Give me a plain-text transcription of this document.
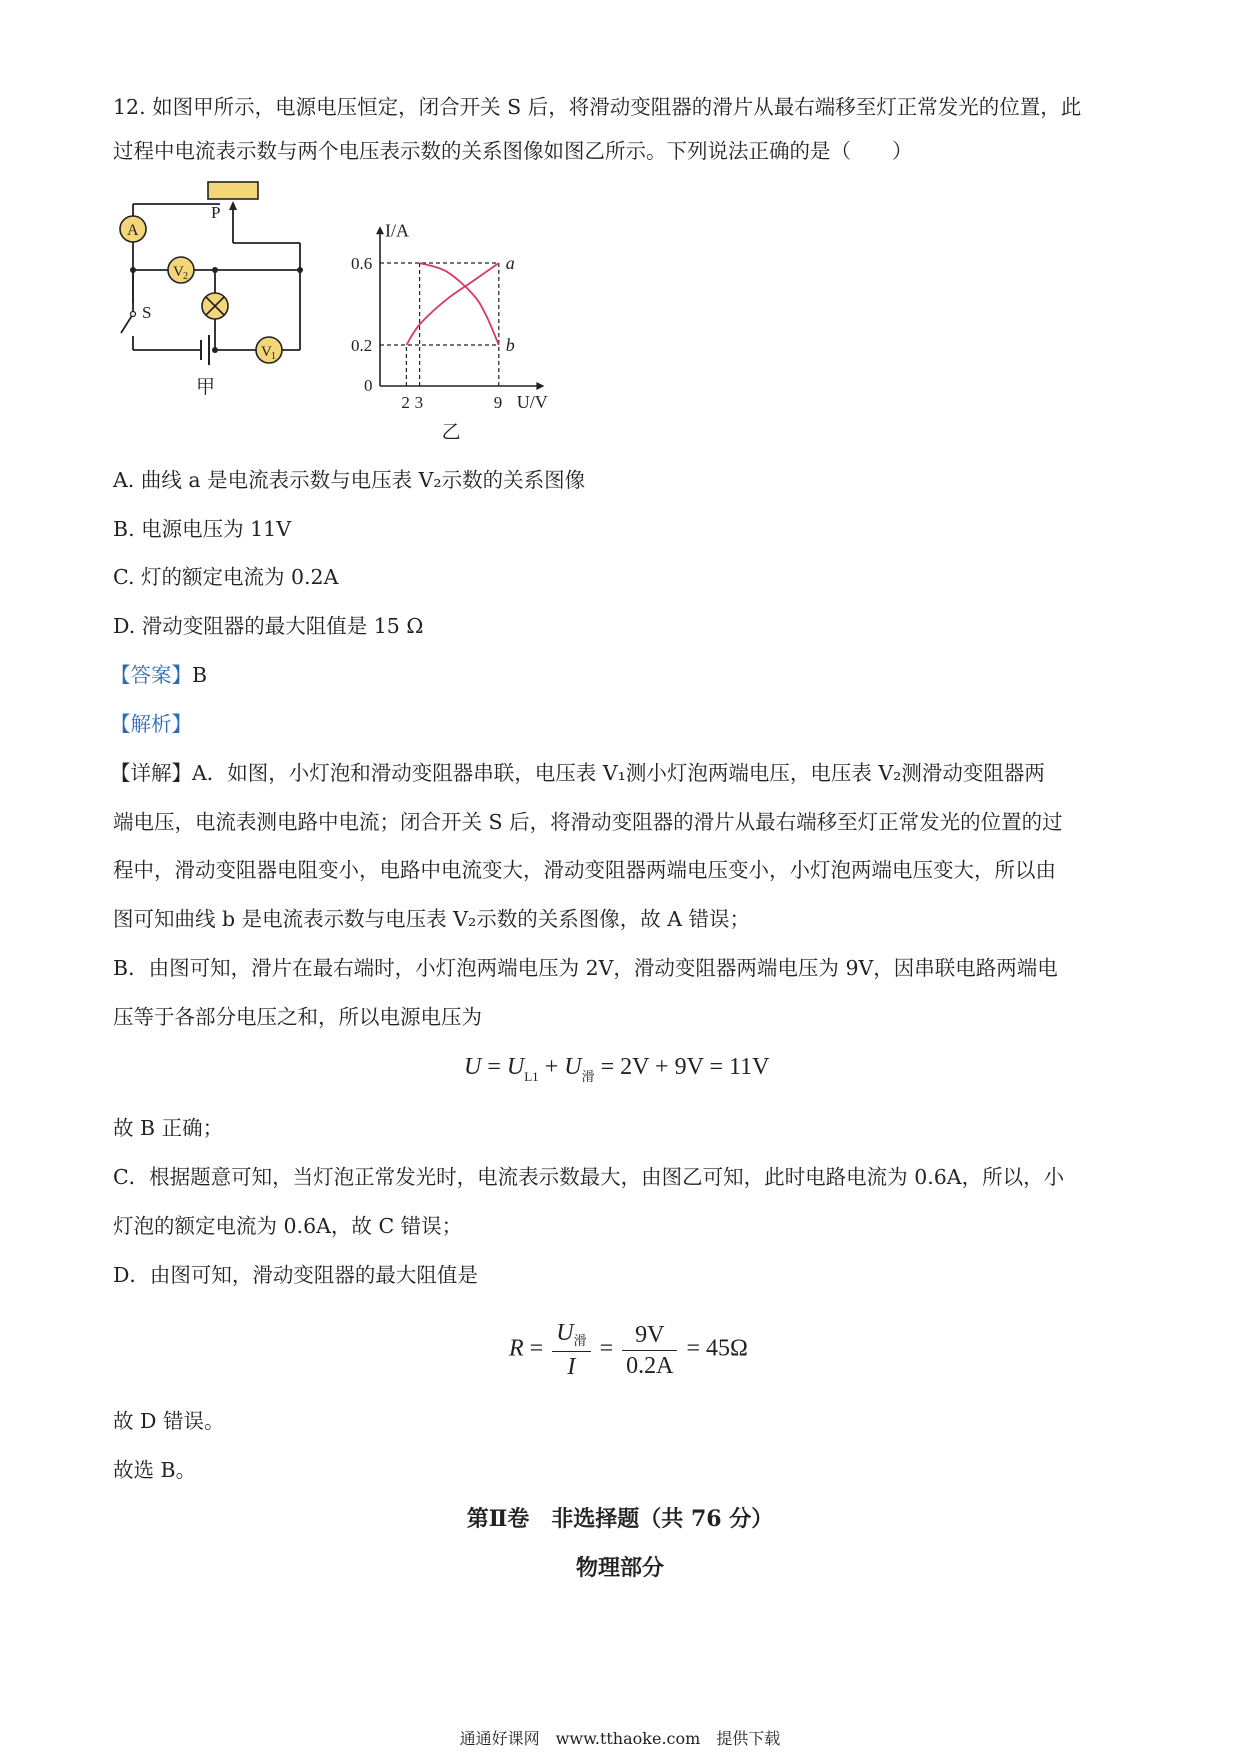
12. 如图甲所示，电源电压恒定，闭合开关 S 后，将滑动变阻器的滑片从最右端移至灯正常发光的位置，此
过程中电流表示数与两个电压表示数的关系图像如图乙所示。下列说法正确的是（　　）
P
S
A
V 2
V 1
甲
a
b
2 3	9
0.6
0.2
0
I/A
U/V
乙
A. 曲线 a 是电流表示数与电压表 V₂示数的关系图像
B. 电源电压为 11V
C. 灯的额定电流为 0.2A
D. 滑动变阻器的最大阻值是 15 Ω
【答案】B
【解析】
【详解】A．如图，小灯泡和滑动变阻器串联，电压表 V₁测小灯泡两端电压，电压表 V₂测滑动变阻器两
端电压，电流表测电路中电流；闭合开关 S 后，将滑动变阻器的滑片从最右端移至灯正常发光的位置的过
程中，滑动变阻器电阻变小，电路中电流变大，滑动变阻器两端电压变小，小灯泡两端电压变大，所以由
图可知曲线 b 是电流表示数与电压表 V₂示数的关系图像，故 A 错误；
B．由图可知，滑片在最右端时，小灯泡两端电压为 2V，滑动变阻器两端电压为 9V，因串联电路两端电
压等于各部分电压之和，所以电源电压为
$U = U_{L1} + U_滑 = 2V + 9V = 11V$
故 B 正确；
C．根据题意可知，当灯泡正常发光时，电流表示数最大，由图乙可知，此时电路电流为 0.6A，所以，小
灯泡的额定电流为 0.6A，故 C 错误；
D．由图可知，滑动变阻器的最大阻值是
$R = \frac{U_滑}{I} = \frac{9V}{0.2A} = 45\Omega$
故 D 错误。
故选 B。
第Ⅱ卷　非选择题（共 76 分）
物理部分
通通好课网　www.tthaoke.com　提供下载
